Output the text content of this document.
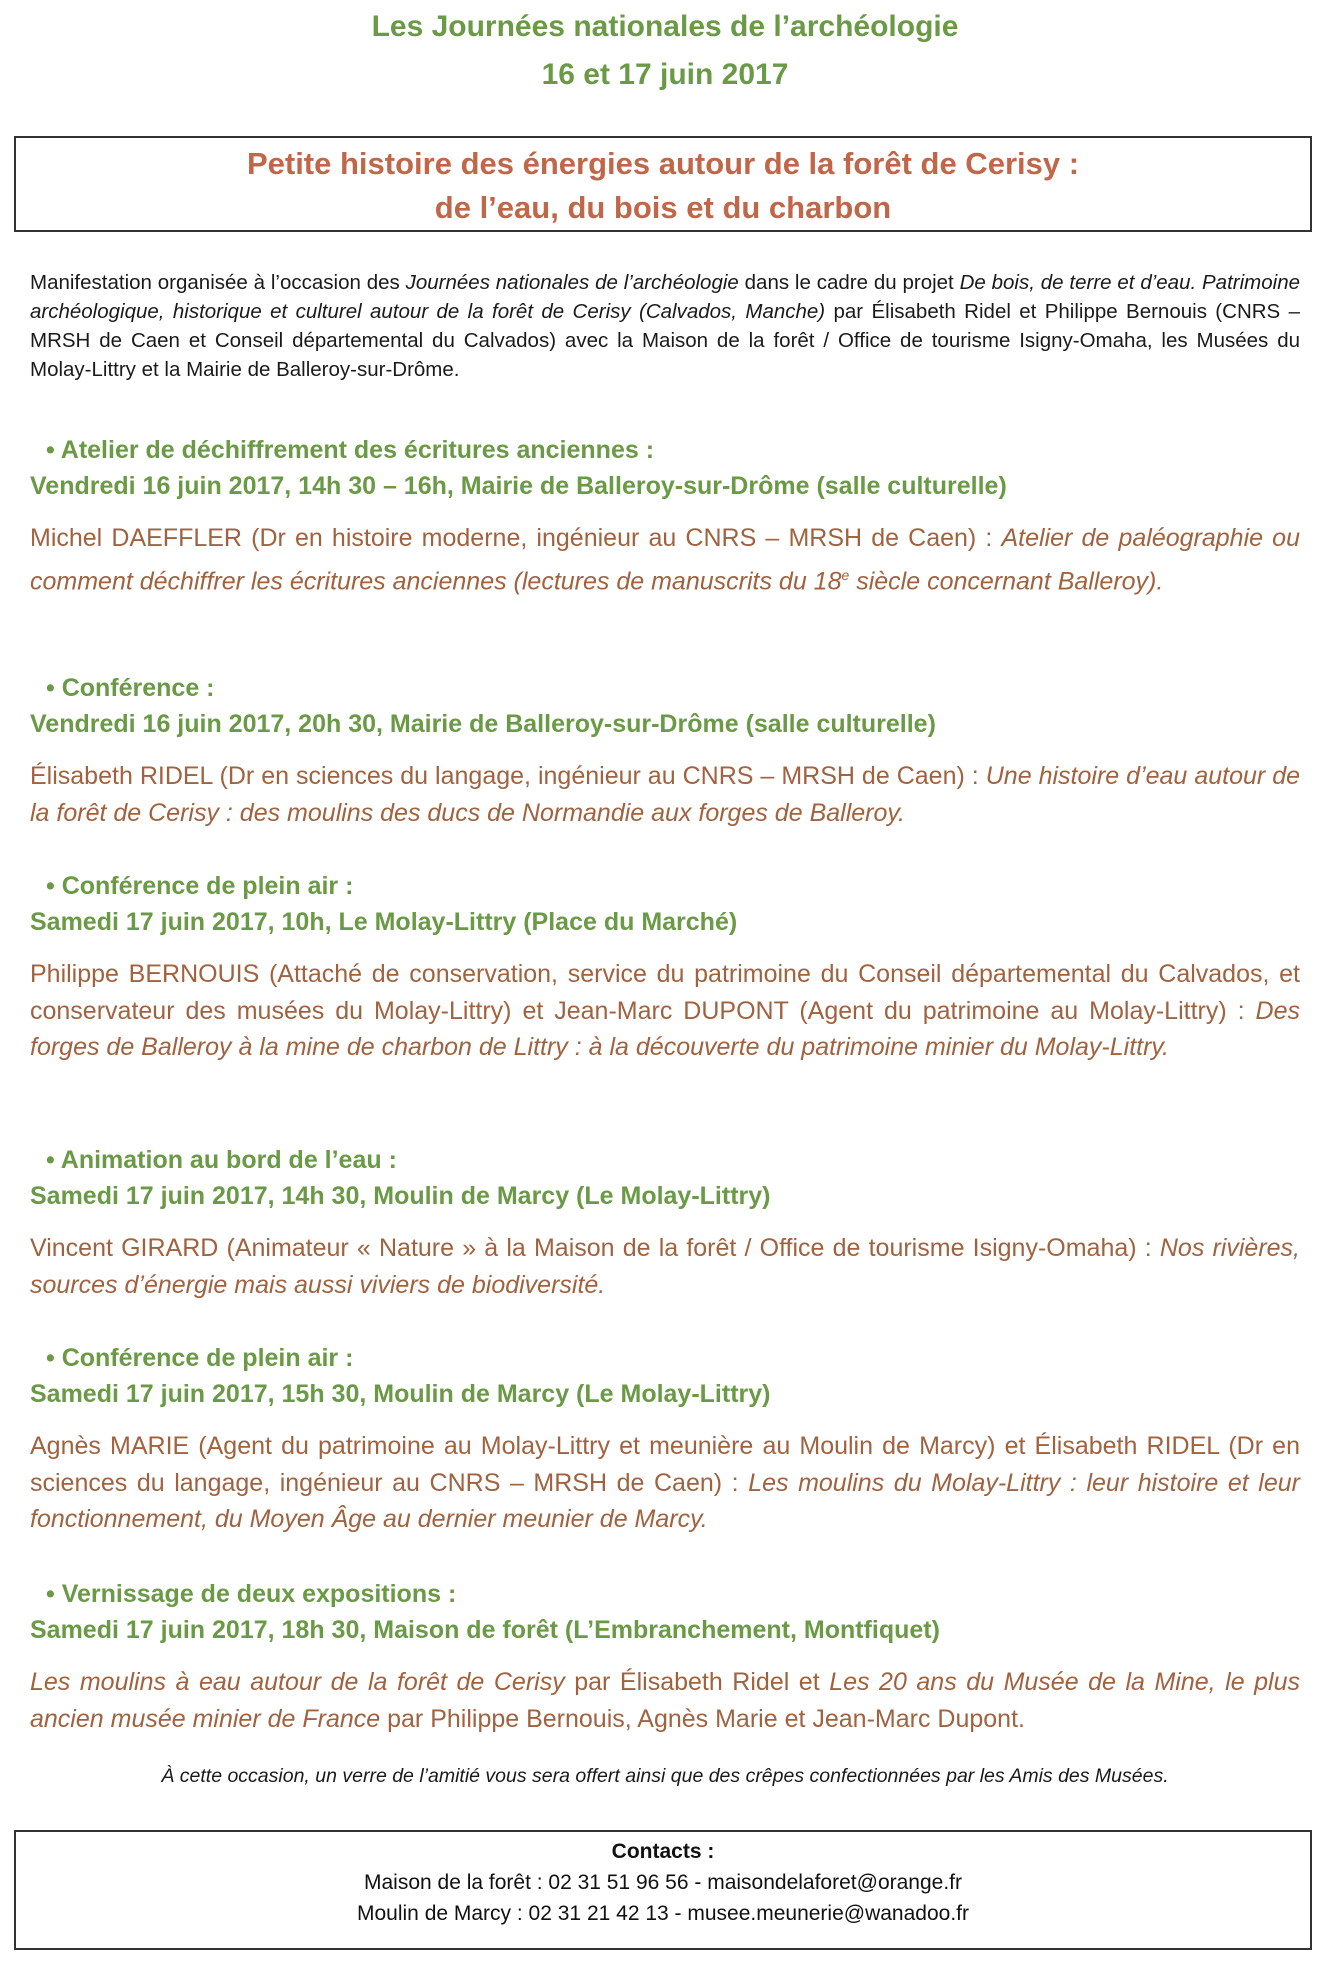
Les Journées nationales de l’archéologie
16 et 17 juin 2017
Petite histoire des énergies autour de la forêt de Cerisy :
de l’eau, du bois et du charbon
Manifestation organisée à l’occasion des Journées nationales de l’archéologie dans le cadre du projet De bois, de terre et d’eau. Patrimoine archéologique, historique et culturel autour de la forêt de Cerisy (Calvados, Manche) par Élisabeth Ridel et Philippe Bernouis (CNRS – MRSH de Caen et Conseil départemental du Calvados) avec la Maison de la forêt / Office de tourisme Isigny-Omaha, les Musées du Molay-Littry et la Mairie de Balleroy-sur-Drôme.
• Atelier de déchiffrement des écritures anciennes :
Vendredi 16 juin 2017, 14h 30 – 16h, Mairie de Balleroy-sur-Drôme (salle culturelle)
Michel DAEFFLER (Dr en histoire moderne, ingénieur au CNRS – MRSH de Caen) : Atelier de paléographie ou comment déchiffrer les écritures anciennes (lectures de manuscrits du 18e siècle concernant Balleroy).
• Conférence :
Vendredi 16 juin 2017, 20h 30, Mairie de Balleroy-sur-Drôme (salle culturelle)
Élisabeth RIDEL (Dr en sciences du langage, ingénieur au CNRS – MRSH de Caen) : Une histoire d’eau autour de la forêt de Cerisy : des moulins des ducs de Normandie aux forges de Balleroy.
• Conférence de plein air :
Samedi 17 juin 2017, 10h, Le Molay-Littry (Place du Marché)
Philippe BERNOUIS (Attaché de conservation, service du patrimoine du Conseil départemental du Calvados, et conservateur des musées du Molay-Littry) et Jean-Marc DUPONT (Agent du patrimoine au Molay-Littry) : Des forges de Balleroy à la mine de charbon de Littry : à la découverte du patrimoine minier du Molay-Littry.
• Animation au bord de l’eau :
Samedi 17 juin 2017, 14h 30, Moulin de Marcy (Le Molay-Littry)
Vincent GIRARD (Animateur « Nature » à la Maison de la forêt / Office de tourisme Isigny-Omaha) : Nos rivières, sources d’énergie mais aussi viviers de biodiversité.
• Conférence de plein air :
Samedi 17 juin 2017, 15h 30, Moulin de Marcy (Le Molay-Littry)
Agnès MARIE (Agent du patrimoine au Molay-Littry et meunière au Moulin de Marcy) et Élisabeth RIDEL (Dr en sciences du langage, ingénieur au CNRS – MRSH de Caen) : Les moulins du Molay-Littry : leur histoire et leur fonctionnement, du Moyen Âge au dernier meunier de Marcy.
• Vernissage de deux expositions :
Samedi 17 juin 2017, 18h 30, Maison de forêt (L’Embranchement, Montfiquet)
Les moulins à eau autour de la forêt de Cerisy par Élisabeth Ridel et Les 20 ans du Musée de la Mine, le plus ancien musée minier de France par Philippe Bernouis, Agnès Marie et Jean-Marc Dupont.
À cette occasion, un verre de l’amitié vous sera offert ainsi que des crêpes confectionnées par les Amis des Musées.
Contacts :
Maison de la forêt : 02 31 51 96 56 - maisondelaforet@orange.fr
Moulin de Marcy : 02 31 21 42 13 - musee.meunerie@wanadoo.fr
